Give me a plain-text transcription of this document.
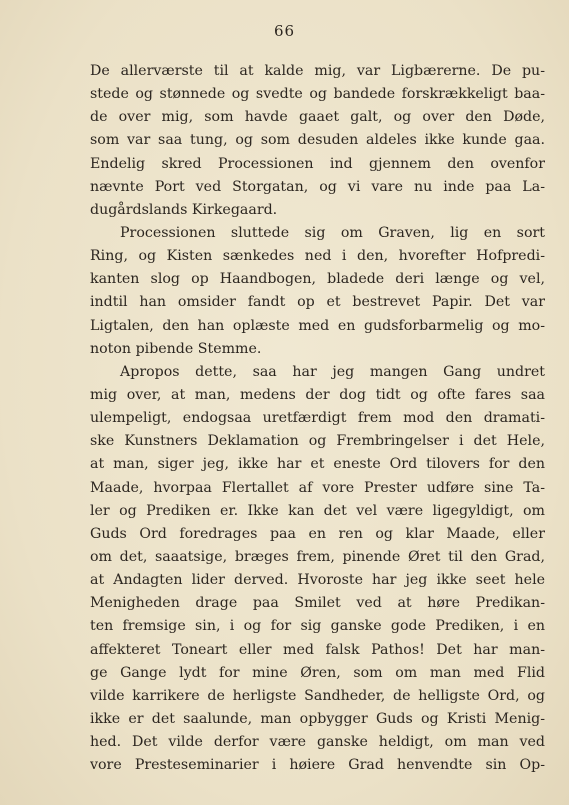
66
De allerværste til at kalde mig, var Ligbærerne. De pu-
stede og stønnede og svedte og bandede forskrækkeligt baa-
de over mig, som havde gaaet galt, og over den Døde,
som var saa tung, og som desuden aldeles ikke kunde gaa.
Endelig skred Processionen ind gjennem den ovenfor
nævnte Port ved Storgatan, og vi vare nu inde paa La-
dugårdslands Kirkegaard.
Processionen sluttede sig om Graven, lig en sort
Ring, og Kisten sænkedes ned i den, hvorefter Hofpredi-
kanten slog op Haandbogen, bladede deri længe og vel,
indtil han omsider fandt op et bestrevet Papir. Det var
Ligtalen, den han oplæste med en gudsforbarmelig og mo-
noton pibende Stemme.
Apropos dette, saa har jeg mangen Gang undret
mig over, at man, medens der dog tidt og ofte fares saa
ulempeligt, endogsaa uretfærdigt frem mod den dramati-
ske Kunstners Deklamation og Frembringelser i det Hele,
at man, siger jeg, ikke har et eneste Ord tilovers for den
Maade, hvorpaa Flertallet af vore Prester udføre sine Ta-
ler og Prediken er. Ikke kan det vel være ligegyldigt, om
Guds Ord foredrages paa en ren og klar Maade, eller
om det, saaatsige, bræges frem, pinende Øret til den Grad,
at Andagten lider derved. Hvoroste har jeg ikke seet hele
Menigheden drage paa Smilet ved at høre Predikan-
ten fremsige sin, i og for sig ganske gode Prediken, i en
affekteret Toneart eller med falsk Pathos! Det har man-
ge Gange lydt for mine Øren, som om man med Flid
vilde karrikere de herligste Sandheder, de helligste Ord, og
ikke er det saalunde, man opbygger Guds og Kristi Menig-
hed. Det vilde derfor være ganske heldigt, om man ved
vore Presteseminarier i høiere Grad henvendte sin Op-
